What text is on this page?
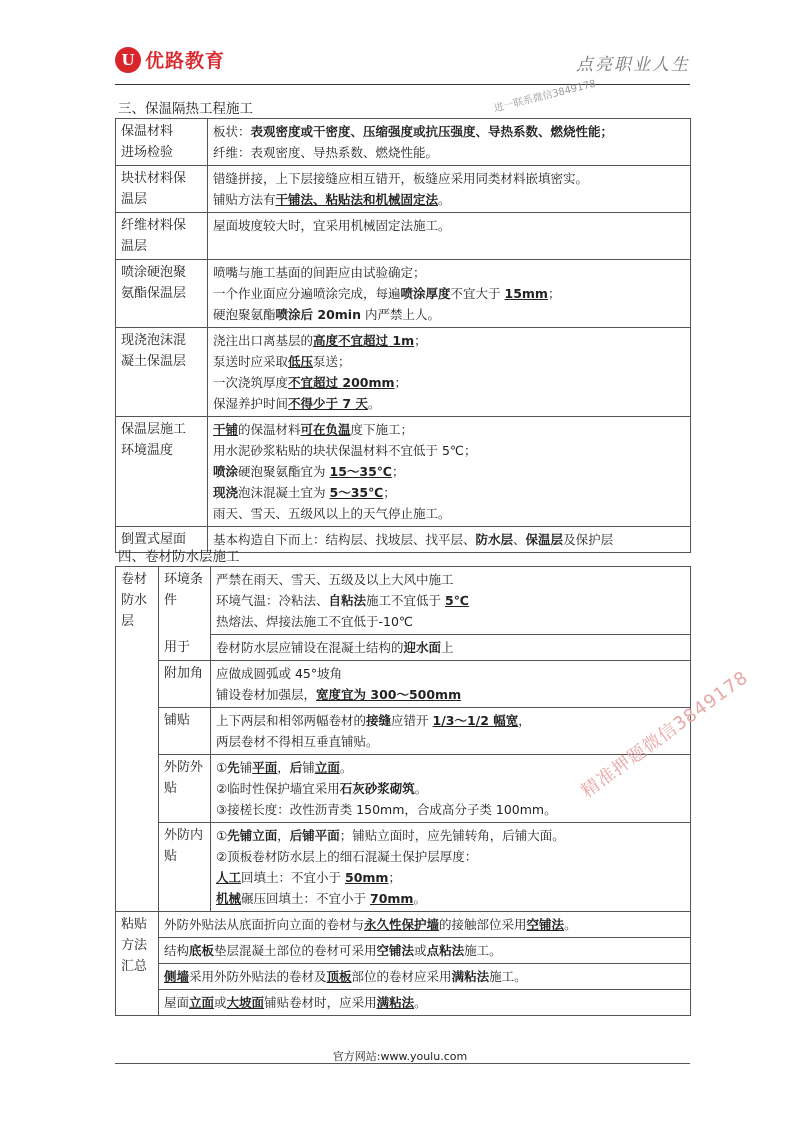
U 优路教育	点亮职业人生
三、保温隔热工程施工	进一联系微信3849178
保温材料
进场检验	板状：表观密度或干密度、压缩强度或抗压强度、导热系数、燃烧性能；
纤维：表观密度、导热系数、燃烧性能。

块状材料保
温层	错缝拼接，上下层接缝应相互错开，板缝应采用同类材料嵌填密实。
铺贴方法有干铺法、粘贴法和机械固定法。

纤维材料保
温层	屋面坡度较大时，宜采用机械固定法施工。

喷涂硬泡聚
氨酯保温层	喷嘴与施工基面的间距应由试验确定；
一个作业面应分遍喷涂完成，每遍喷涂厚度不宜大于 15mm；
硬泡聚氨酯喷涂后 20min 内严禁上人。

现浇泡沫混
凝土保温层	浇注出口离基层的高度不宜超过 1m；
泵送时应采取低压泵送；
一次浇筑厚度不宜超过 200mm；
保湿养护时间不得少于 7 天。

保温层施工
环境温度	干铺的保温材料可在负温度下施工；
用水泥砂浆粘贴的块状保温材料不宜低于 5℃；
喷涂硬泡聚氨酯宜为 15～35℃；
现浇泡沫混凝土宜为 5～35℃；
雨天、雪天、五级风以上的天气停止施工。

倒置式屋面	基本构造自下而上：结构层、找坡层、找平层、防水层、保温层及保护层
四、卷材防水层施工
卷材
防水
层	环境条
件	严禁在雨天、雪天、五级及以上大风中施工
环境气温：冷粘法、自粘法施工不宜低于 5℃
热熔法、焊接法施工不宜低于-10℃

	用于	卷材防水层应铺设在混凝土结构的迎水面上

	附加角	应做成圆弧或 45°坡角
铺设卷材加强层，宽度宜为 300～500mm

	铺贴	上下两层和相邻两幅卷材的接缝应错开 1/3～1/2 幅宽，
两层卷材不得相互垂直铺贴。

	外防外
贴	①先铺平面，后铺立面。
②临时性保护墙宜采用石灰砂浆砌筑。
③接槎长度：改性沥青类 150mm，合成高分子类 100mm。

	外防内
贴	①先铺立面，后铺平面；铺贴立面时，应先铺转角，后铺大面。
②顶板卷材防水层上的细石混凝土保护层厚度：
人工回填土：不宜小于 50mm；
机械碾压回填土：不宜小于 70mm。

粘贴
方法
汇总	外防外贴法从底面折向立面的卷材与永久性保护墙的接触部位采用空铺法。	

	结构底板垫层混凝土部位的卷材可采用空铺法或点粘法施工。	

	侧墙采用外防外贴法的卷材及顶板部位的卷材应采用满粘法施工。	

	屋面立面或大坡面铺贴卷材时，应采用满粘法。	
精准押题微信3849178
官方网站:www.youlu.com
